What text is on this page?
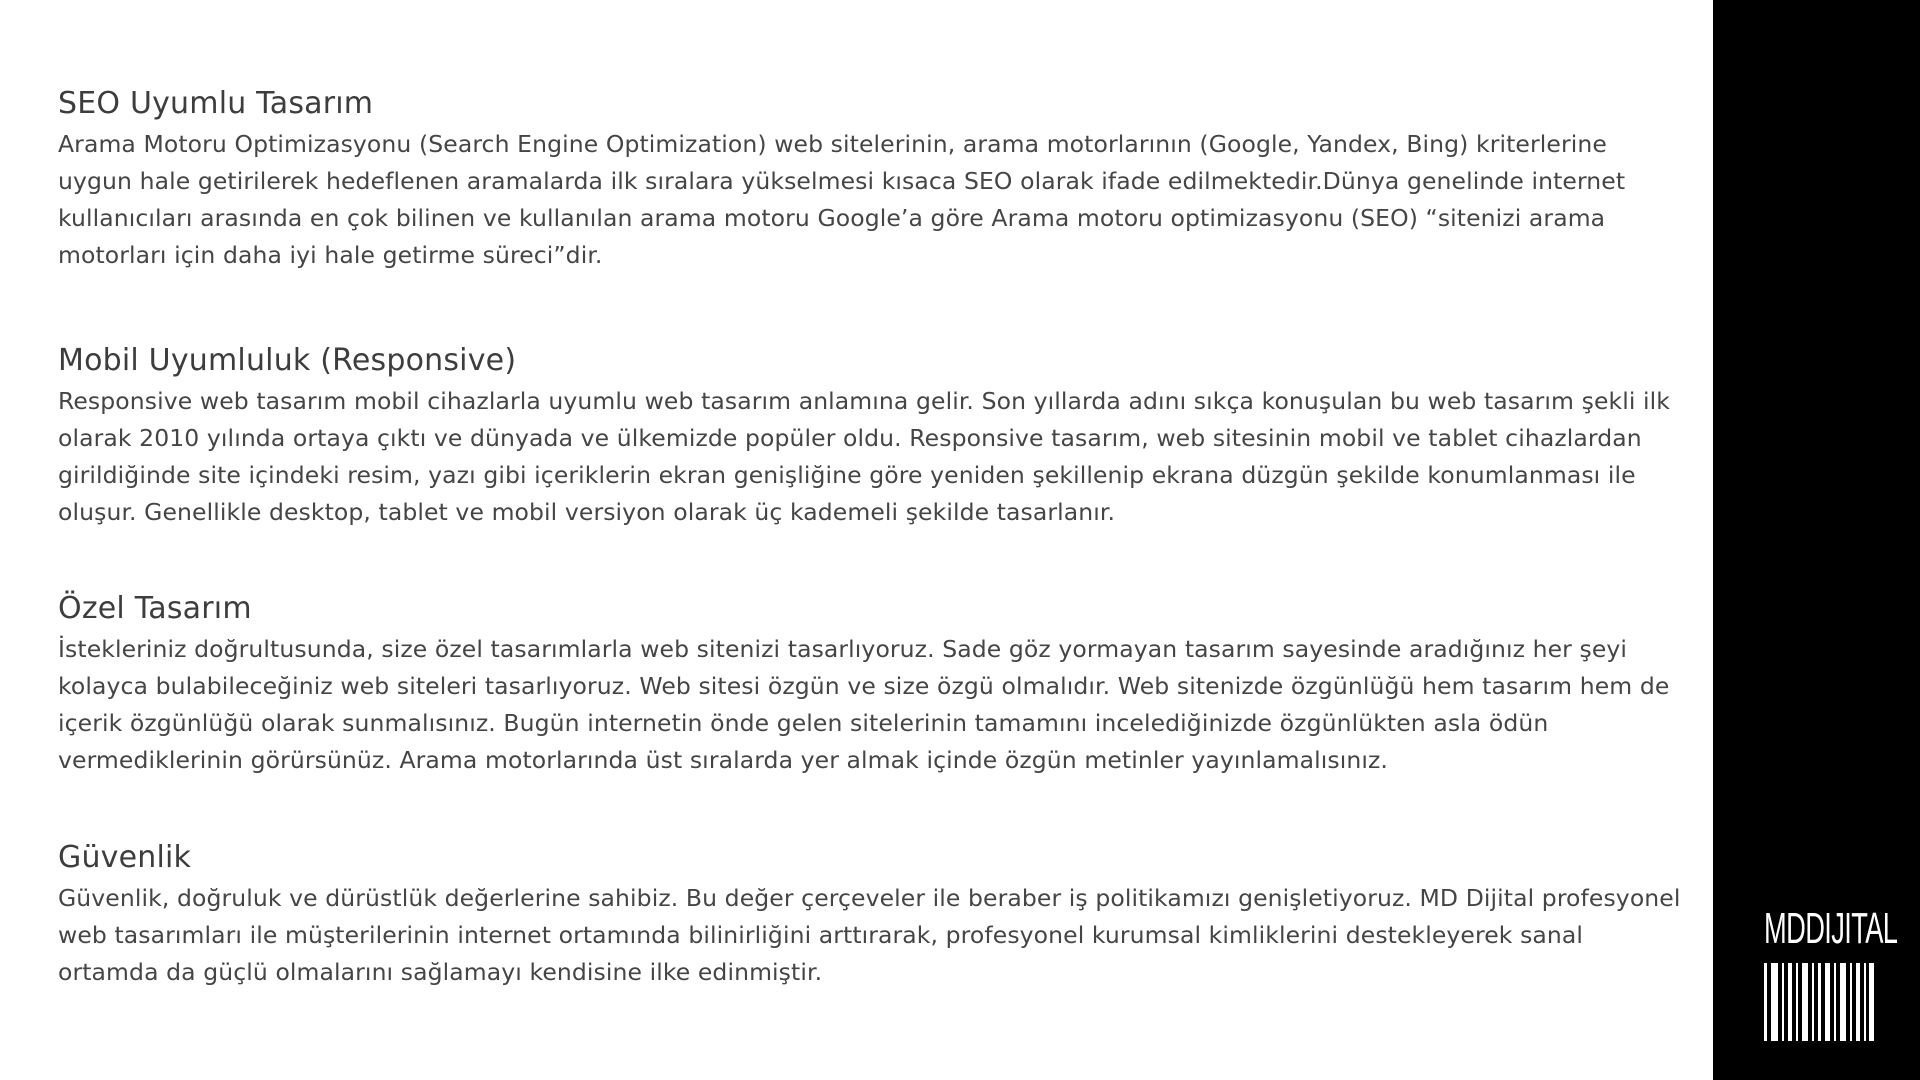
SEO Uyumlu Tasarım

Arama Motoru Optimizasyonu (Search Engine Optimization) web sitelerinin, arama motorlarının (Google, Yandex, Bing) kriterlerine uygun hale getirilerek hedeflenen aramalarda ilk sıralara yükselmesi kısaca SEO olarak ifade edilmektedir.Dünya genelinde internet kullanıcıları arasında en çok bilinen ve kullanılan arama motoru Google’a göre Arama motoru optimizasyonu (SEO) “sitenizi arama motorları için daha iyi hale getirme süreci”dir.

Mobil Uyumluluk (Responsive)

Responsive web tasarım mobil cihazlarla uyumlu web tasarım anlamına gelir. Son yıllarda adını sıkça konuşulan bu web tasarım şekli ilk olarak 2010 yılında ortaya çıktı ve dünyada ve ülkemizde popüler oldu. Responsive tasarım, web sitesinin mobil ve tablet cihazlardan girildiğinde site içindeki resim, yazı gibi içeriklerin ekran genişliğine göre yeniden şekillenip ekrana düzgün şekilde konumlanması ile oluşur. Genellikle desktop, tablet ve mobil versiyon olarak üç kademeli şekilde tasarlanır.

Özel Tasarım

İstekleriniz doğrultusunda, size özel tasarımlarla web sitenizi tasarlıyoruz. Sade göz yormayan tasarım sayesinde aradığınız her şeyi kolayca bulabileceğiniz web siteleri tasarlıyoruz. Web sitesi özgün ve size özgü olmalıdır. Web sitenizde özgünlüğü hem tasarım hem de içerik özgünlüğü olarak sunmalısınız. Bugün internetin önde gelen sitelerinin tamamını incelediğinizde özgünlükten asla ödün vermediklerinin görürsünüz. Arama motorlarında üst sıralarda yer almak içinde özgün metinler yayınlamalısınız.

Güvenlik

Güvenlik, doğruluk ve dürüstlük değerlerine sahibiz. Bu değer çerçeveler ile beraber iş politikamızı genişletiyoruz. MD Dijital profesyonel web tasarımları ile müşterilerinin internet ortamında bilinirliğini arttırarak, profesyonel kurumsal kimliklerini destekleyerek sanal ortamda da güçlü olmalarını sağlamayı kendisine ilke edinmiştir.

MDDIJITAL
